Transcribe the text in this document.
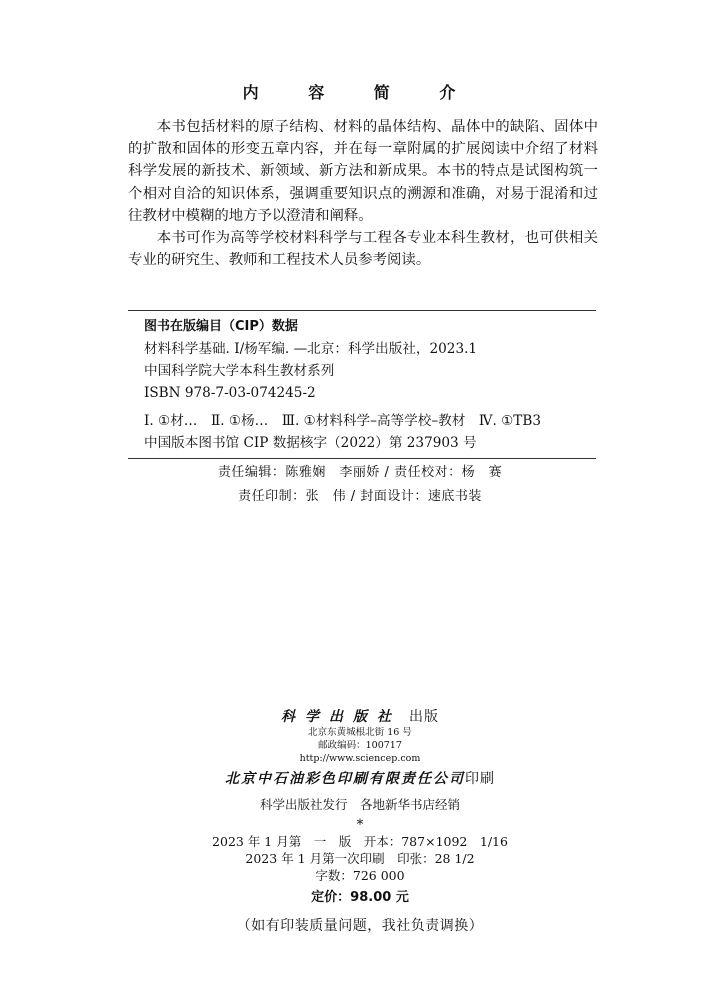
内 容 简 介

本书包括材料的原子结构、材料的晶体结构、晶体中的缺陷、固体中的扩散和固体的形变五章内容，并在每一章附属的扩展阅读中介绍了材料科学发展的新技术、新领域、新方法和新成果。本书的特点是试图构筑一个相对自洽的知识体系，强调重要知识点的溯源和准确，对易于混淆和过往教材中模糊的地方予以澄清和阐释。

本书可作为高等学校材料科学与工程各专业本科生教材，也可供相关专业的研究生、教师和工程技术人员参考阅读。

图书在版编目（CIP）数据
材料科学基础. Ⅰ/杨军编. —北京：科学出版社，2023.1
中国科学院大学本科生教材系列
ISBN 978-7-03-074245-2
Ⅰ. ①材…　Ⅱ. ①杨…　Ⅲ. ①材料科学–高等学校–教材　Ⅳ. ①TB3
中国版本图书馆 CIP 数据核字（2022）第 237903 号
责任编辑：陈雅娴　李丽娇 / 责任校对：杨　赛
责任印制：张　伟 / 封面设计：速底书装
科学出版社 出版
北京东黄城根北街 16 号
邮政编码：100717
http://www.sciencep.com
北京中石油彩色印刷有限责任公司印刷
科学出版社发行　各地新华书店经销
*
2023 年 1 月第　一　版　开本：787×1092　1/16
2023 年 1 月第一次印刷　印张：28 1/2
字数：726 000
定价：98.00 元
（如有印装质量问题，我社负责调换）
